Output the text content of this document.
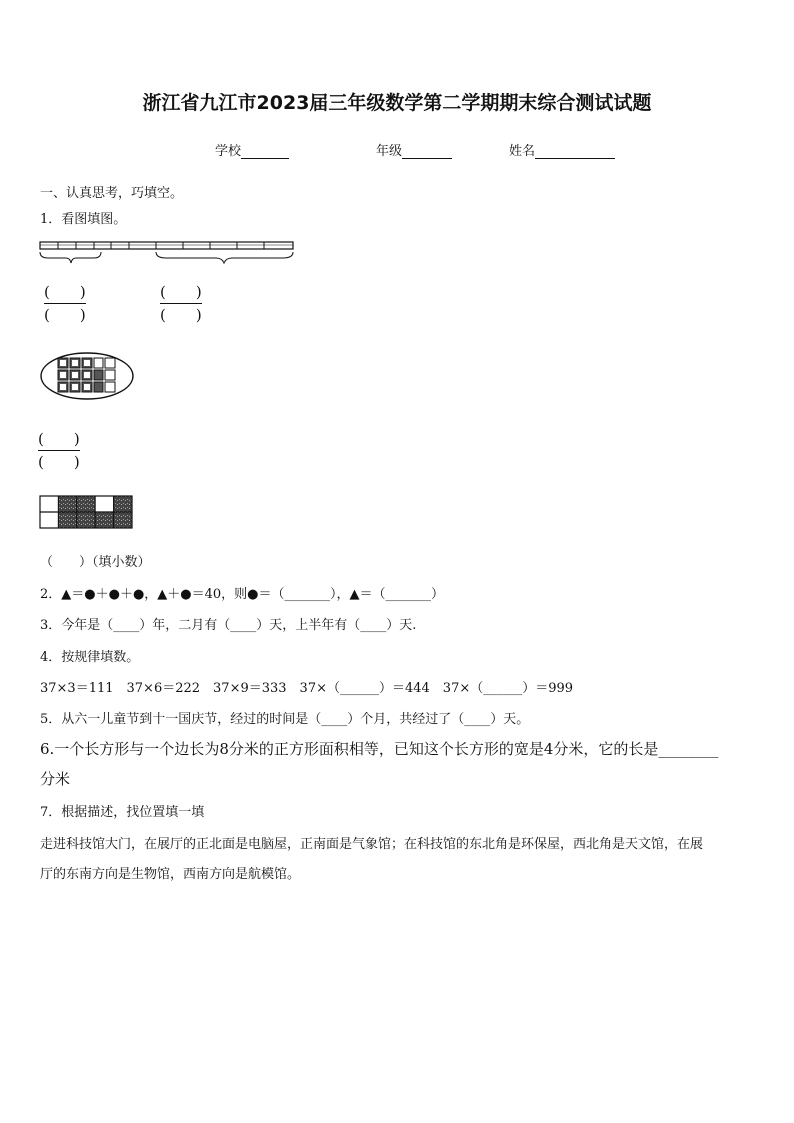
浙江省九江市2023届三年级数学第二学期期末综合测试试题
学校	年级	姓名
一、认真思考，巧填空。
1．看图填图。
(　　)
(　　)
(　　)
(　　)
(　　)
(　　)
（　　）（填小数）
2．▲＝●＋●＋●，▲＋●＝40，则●＝（_______），▲＝（_______）
3．今年是（____）年，二月有（____）天，上半年有（____）天.
4．按规律填数。
37×3＝111　37×6＝222　37×9＝333　37×（______）＝444　37×（______）＝999
5．从六一儿童节到十一国庆节，经过的时间是（____）个月，共经过了（____）天。
6.一个长方形与一个边长为8分米的正方形面积相等，已知这个长方形的宽是4分米，它的长是________
分米
7．根据描述，找位置填一填
走进科技馆大门，在展厅的正北面是电脑屋，正南面是气象馆；在科技馆的东北角是环保屋，西北角是天文馆，在展
厅的东南方向是生物馆，西南方向是航模馆。
